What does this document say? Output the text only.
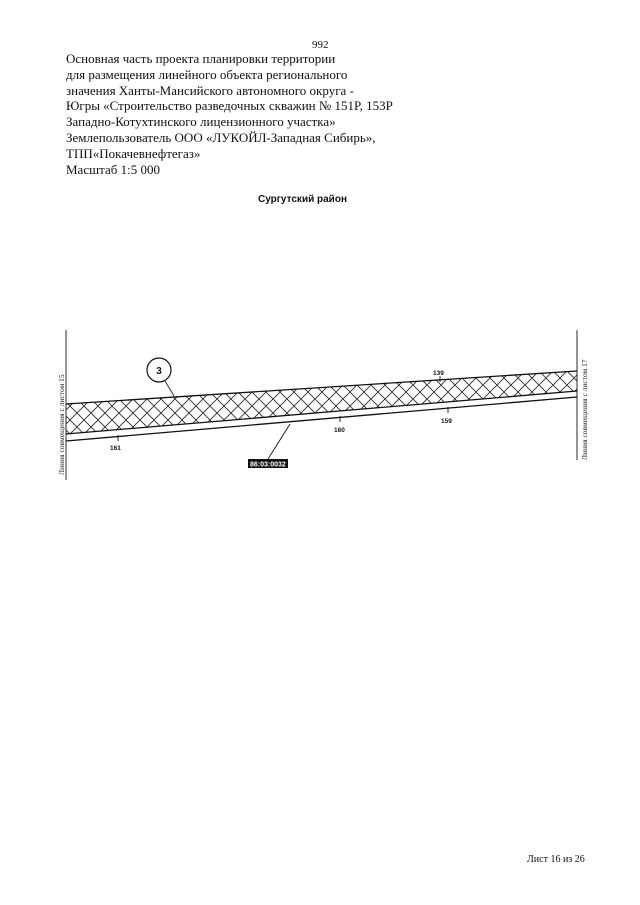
992
Основная часть проекта планировки территории
для размещения линейного объекта регионального
значения Ханты-Мансийского автономного округа -
Югры «Строительство разведочных скважин № 151Р, 153Р
Западно-Котухтинского лицензионного участка»
Землепользователь ООО «ЛУКОЙЛ-Западная Сибирь»,
ТПП«Покачевнефтегаз»
Масштаб 1:5 000
Сургутский район
Линия совмещения с листом 15	Линия совмещения с листом 17
3	139
159
160
161
86:03:0032
Лист 16 из 26
